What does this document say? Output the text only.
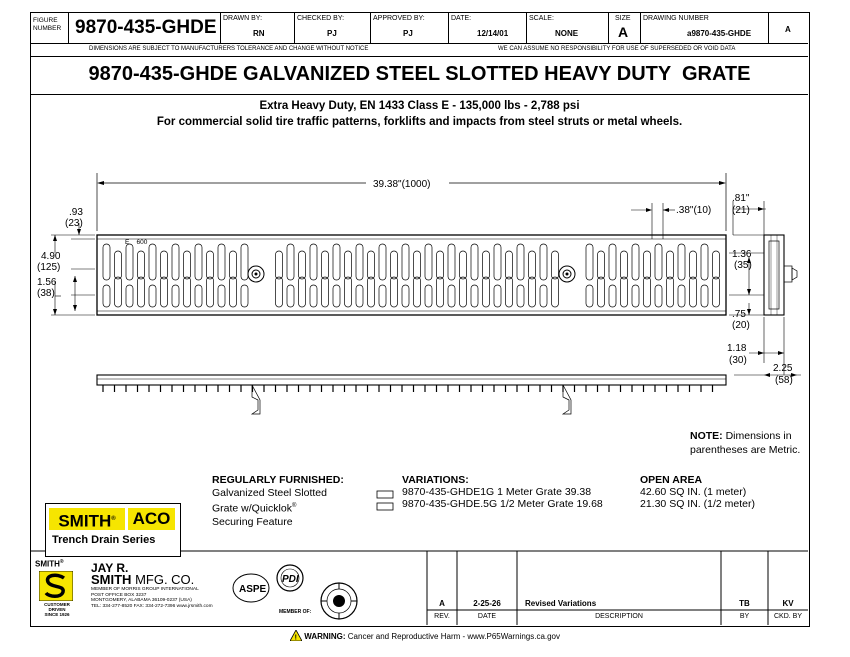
FIGURE NUMBER 9870-435-GHDE DRAWN BY:
RN
CHECKED BY:
PJ
APPROVED BY:
PJ
DATE:
12/14/01
SCALE:
NONE
SIZE
A
DRAWING NUMBER
a9870-435-GHDE	A
DIMENSIONS ARE SUBJECT TO MANUFACTURERS TOLERANCE AND CHANGE WITHOUT NOTICE	WE CAN ASSUME NO RESPONSIBILITY FOR USE OF SUPERSEDED OR VOID DATA
9870-435-GHDE GALVANIZED STEEL SLOTTED HEAVY DUTY  GRATE
Extra Heavy Duty, EN 1433 Class E - 135,000 lbs - 2,788 psi
For commercial solid tire traffic patterns, forklifts and impacts from steel struts or metal wheels.
E    600
39.38"(1000)
.38"(10)
.93
(23)
4.90
(125)
1.56
(38)
.81"
(21)
1.36
(35)
.75
(20)
1.18
(30)
2.25
(58)
NOTE: Dimensions in
parentheses are Metric.
REGULARLY FURNISHED:
Galvanized Steel Slotted
Grate w/Quicklok®
Securing Feature
VARIATIONS:
9870-435-GHDE1G 1 Meter Grate 39.38
9870-435-GHDE.5G 1/2 Meter Grate 19.68
OPEN AREA
42.60 SQ IN. (1 meter)
21.30 SQ IN. (1/2 meter)
SMITH® ACO
Trench Drain Series
SMITH®
CUSTOMER
DRIVEN
SINCE 1926
JAY R.
SMITH MFG. CO.
MEMBER OF MORRIS GROUP INTERNATIONAL
POST OFFICE BOX 3237
MONTGOMERY, ALABAMA 36109-0237 (USA)
TEL: 334-277-8520 FAX: 334-272-7396 www.jrsmith.com
ASPE
PDI
MEMBER OF:
A	2-25-26	Revised Variations	TB	KV
REV.	DATE	DESCRIPTION	BY	CKD. BY
! WARNING: Cancer and Reproductive Harm - www.P65Warnings.ca.gov
